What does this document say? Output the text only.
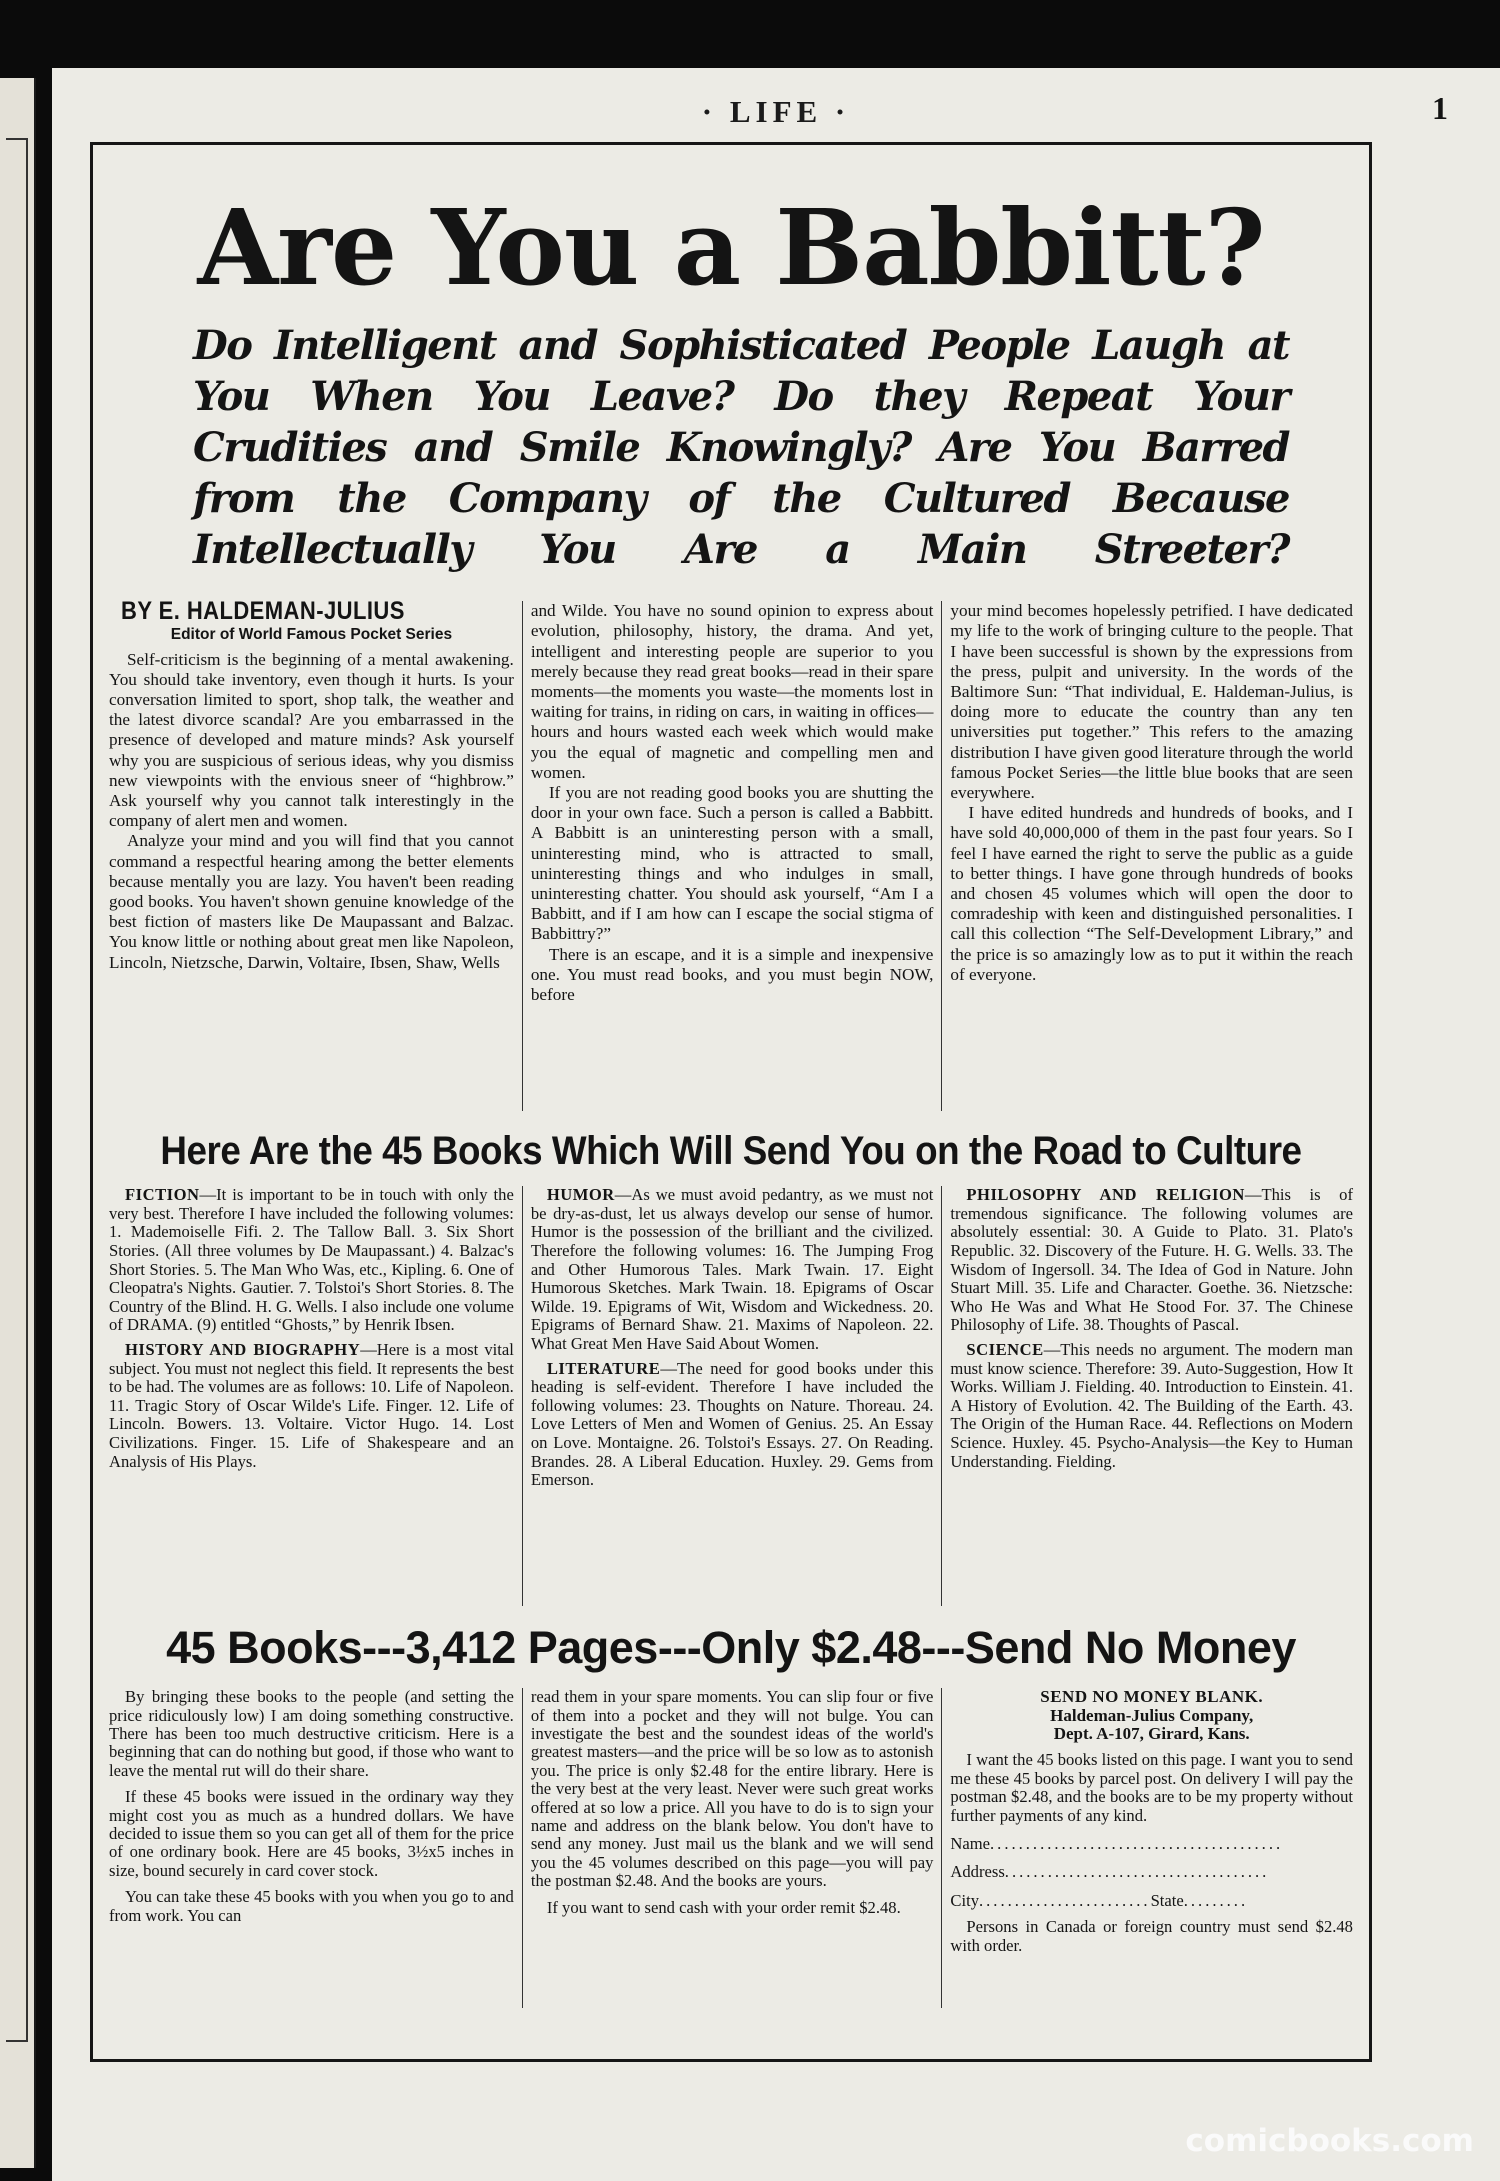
· LIFE ·	1
Are You a Babbitt?
Do Intelligent and Sophisticated People Laugh at You When You Leave? Do they Repeat Your Crudities and Smile Knowingly? Are You Barred from the Company of the Cultured Because Intellectually You Are a Main Streeter?
BY E. HALDEMAN-JULIUS
Editor of World Famous Pocket Series

Self-criticism is the beginning of a mental awakening. You should take inventory, even though it hurts. Is your conversation limited to sport, shop talk, the weather and the latest divorce scandal? Are you embarrassed in the presence of developed and mature minds? Ask yourself why you are suspicious of serious ideas, why you dismiss new viewpoints with the envious sneer of “highbrow.” Ask yourself why you cannot talk interestingly in the company of alert men and women.

Analyze your mind and you will find that you cannot command a respectful hearing among the better elements because mentally you are lazy. You haven't been reading good books. You haven't shown genuine knowledge of the best fiction of masters like De Maupassant and Balzac. You know little or nothing about great men like Napoleon, Lincoln, Nietzsche, Darwin, Voltaire, Ibsen, Shaw, Wells

and Wilde. You have no sound opinion to express about evolution, philosophy, history, the drama. And yet, intelligent and interesting people are superior to you merely because they read great books—read in their spare moments—the moments you waste—the moments lost in waiting for trains, in riding on cars, in waiting in offices—hours and hours wasted each week which would make you the equal of magnetic and compelling men and women.

If you are not reading good books you are shutting the door in your own face. Such a person is called a Babbitt. A Babbitt is an uninteresting person with a small, uninteresting mind, who is attracted to small, uninteresting things and who indulges in small, uninteresting chatter. You should ask yourself, “Am I a Babbitt, and if I am how can I escape the social stigma of Babbittry?”

There is an escape, and it is a simple and inexpensive one. You must read books, and you must begin NOW, before

your mind becomes hopelessly petrified. I have dedicated my life to the work of bringing culture to the people. That I have been successful is shown by the expressions from the press, pulpit and university. In the words of the Baltimore Sun: “That individual, E. Haldeman-Julius, is doing more to educate the country than any ten universities put together.” This refers to the amazing distribution I have given good literature through the world famous Pocket Series—the little blue books that are seen everywhere.

I have edited hundreds and hundreds of books, and I have sold 40,000,000 of them in the past four years. So I feel I have earned the right to serve the public as a guide to better things. I have gone through hundreds of books and chosen 45 volumes which will open the door to comradeship with keen and distinguished personalities. I call this collection “The Self-Development Library,” and the price is so amazingly low as to put it within the reach of everyone.

Here Are the 45 Books Which Will Send You on the Road to Culture

FICTION—It is important to be in touch with only the very best. Therefore I have included the following volumes: 1. Mademoiselle Fifi. 2. The Tallow Ball. 3. Six Short Stories. (All three volumes by De Maupassant.) 4. Balzac's Short Stories. 5. The Man Who Was, etc., Kipling. 6. One of Cleopatra's Nights. Gautier. 7. Tolstoi's Short Stories. 8. The Country of the Blind. H. G. Wells. I also include one volume of DRAMA. (9) entitled “Ghosts,” by Henrik Ibsen.

HISTORY AND BIOGRAPHY—Here is a most vital subject. You must not neglect this field. It represents the best to be had. The volumes are as follows: 10. Life of Napoleon. 11. Tragic Story of Oscar Wilde's Life. Finger. 12. Life of Lincoln. Bowers. 13. Voltaire. Victor Hugo. 14. Lost Civilizations. Finger. 15. Life of Shakespeare and an Analysis of His Plays.

HUMOR—As we must avoid pedantry, as we must not be dry-as-dust, let us always develop our sense of humor. Humor is the possession of the brilliant and the civilized. Therefore the following volumes: 16. The Jumping Frog and Other Humorous Tales. Mark Twain. 17. Eight Humorous Sketches. Mark Twain. 18. Epigrams of Oscar Wilde. 19. Epigrams of Wit, Wisdom and Wickedness. 20. Epigrams of Bernard Shaw. 21. Maxims of Napoleon. 22. What Great Men Have Said About Women.

LITERATURE—The need for good books under this heading is self-evident. Therefore I have included the following volumes: 23. Thoughts on Nature. Thoreau. 24. Love Letters of Men and Women of Genius. 25. An Essay on Love. Montaigne. 26. Tolstoi's Essays. 27. On Reading. Brandes. 28. A Liberal Education. Huxley. 29. Gems from Emerson.

PHILOSOPHY AND RELIGION—This is of tremendous significance. The following volumes are absolutely essential: 30. A Guide to Plato. 31. Plato's Republic. 32. Discovery of the Future. H. G. Wells. 33. The Wisdom of Ingersoll. 34. The Idea of God in Nature. John Stuart Mill. 35. Life and Character. Goethe. 36. Nietzsche: Who He Was and What He Stood For. 37. The Chinese Philosophy of Life. 38. Thoughts of Pascal.

SCIENCE—This needs no argument. The modern man must know science. Therefore: 39. Auto-Suggestion, How It Works. William J. Fielding. 40. Introduction to Einstein. 41. A History of Evolution. 42. The Building of the Earth. 43. The Origin of the Human Race. 44. Reflections on Modern Science. Huxley. 45. Psycho-Analysis—the Key to Human Understanding. Fielding.

45 Books---3,412 Pages---Only $2.48---Send No Money

By bringing these books to the people (and setting the price ridiculously low) I am doing something constructive. There has been too much destructive criticism. Here is a beginning that can do nothing but good, if those who want to leave the mental rut will do their share.

If these 45 books were issued in the ordinary way they might cost you as much as a hundred dollars. We have decided to issue them so you can get all of them for the price of one ordinary book. Here are 45 books, 3½x5 inches in size, bound securely in card cover stock.

You can take these 45 books with you when you go to and from work. You can

read them in your spare moments. You can slip four or five of them into a pocket and they will not bulge. You can investigate the best and the soundest ideas of the world's greatest masters—and the price will be so low as to astonish you. The price is only $2.48 for the entire library. Here is the very best at the very least. Never were such great works offered at so low a price. All you have to do is to sign your name and address on the blank below. You don't have to send any money. Just mail us the blank and we will send you the 45 volumes described on this page—you will pay the postman $2.48. And the books are yours.

If you want to send cash with your order remit $2.48.

SEND NO MONEY BLANK.
Haldeman-Julius Company,
Dept. A-107, Girard, Kans.

I want the 45 books listed on this page. I want you to send me these 45 books by parcel post. On delivery I will pay the postman $2.48, and the books are to be my property without further payments of any kind.

Name.........................................
Address.....................................
City........................State.........

Persons in Canada or foreign country must send $2.48 with order.

comicbooks.com
